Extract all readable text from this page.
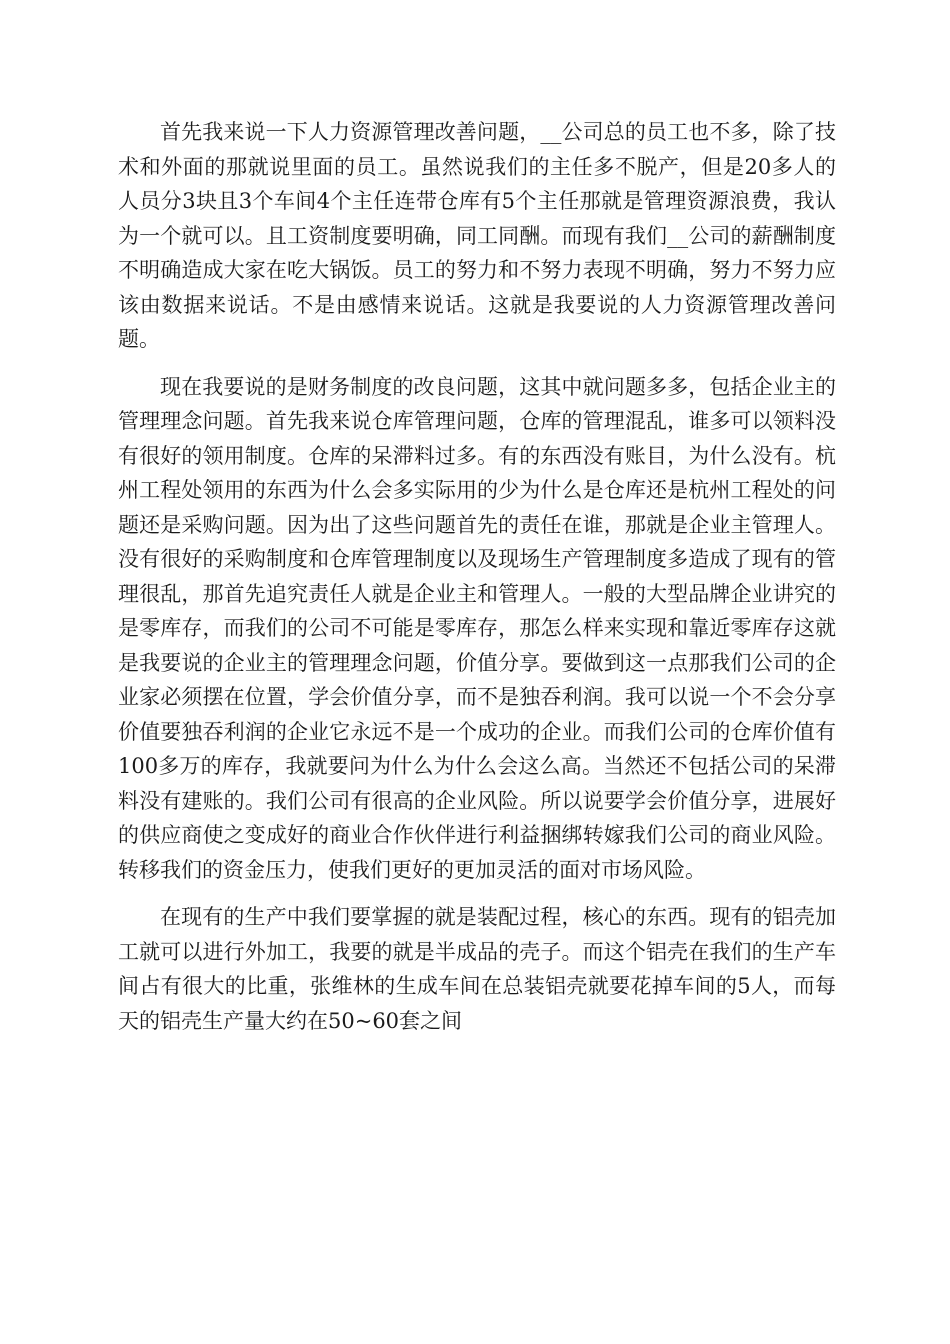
首先我来说一下人力资源管理改善问题，__公司总的员工也不多，除了技术和外面的那就说里面的员工。虽然说我们的主任多不脱产，但是20多人的人员分3块且3个车间4个主任连带仓库有5个主任那就是管理资源浪费，我认为一个就可以。且工资制度要明确，同工同酬。而现有我们__公司的薪酬制度不明确造成大家在吃大锅饭。员工的努力和不努力表现不明确，努力不努力应该由数据来说话。不是由感情来说话。这就是我要说的人力资源管理改善问题。

现在我要说的是财务制度的改良问题，这其中就问题多多，包括企业主的管理理念问题。首先我来说仓库管理问题，仓库的管理混乱，谁多可以领料没有很好的领用制度。仓库的呆滞料过多。有的东西没有账目，为什么没有。杭州工程处领用的东西为什么会多实际用的少为什么是仓库还是杭州工程处的问题还是采购问题。因为出了这些问题首先的责任在谁，那就是企业主管理人。没有很好的采购制度和仓库管理制度以及现场生产管理制度多造成了现有的管理很乱，那首先追究责任人就是企业主和管理人。一般的大型品牌企业讲究的是零库存，而我们的公司不可能是零库存，那怎么样来实现和靠近零库存这就是我要说的企业主的管理理念问题，价值分享。要做到这一点那我们公司的企业家必须摆在位置，学会价值分享，而不是独吞利润。我可以说一个不会分享价值要独吞利润的企业它永远不是一个成功的企业。而我们公司的仓库价值有100多万的库存，我就要问为什么为什么会这么高。当然还不包括公司的呆滞料没有建账的。我们公司有很高的企业风险。所以说要学会价值分享，进展好的供应商使之变成好的商业合作伙伴进行利益捆绑转嫁我们公司的商业风险。转移我们的资金压力，使我们更好的更加灵活的面对市场风险。

在现有的生产中我们要掌握的就是装配过程，核心的东西。现有的铝壳加工就可以进行外加工，我要的就是半成品的壳子。而这个铝壳在我们的生产车间占有很大的比重，张维林的生成车间在总装铝壳就要花掉车间的5人，而每天的铝壳生产量大约在50~60套之间
